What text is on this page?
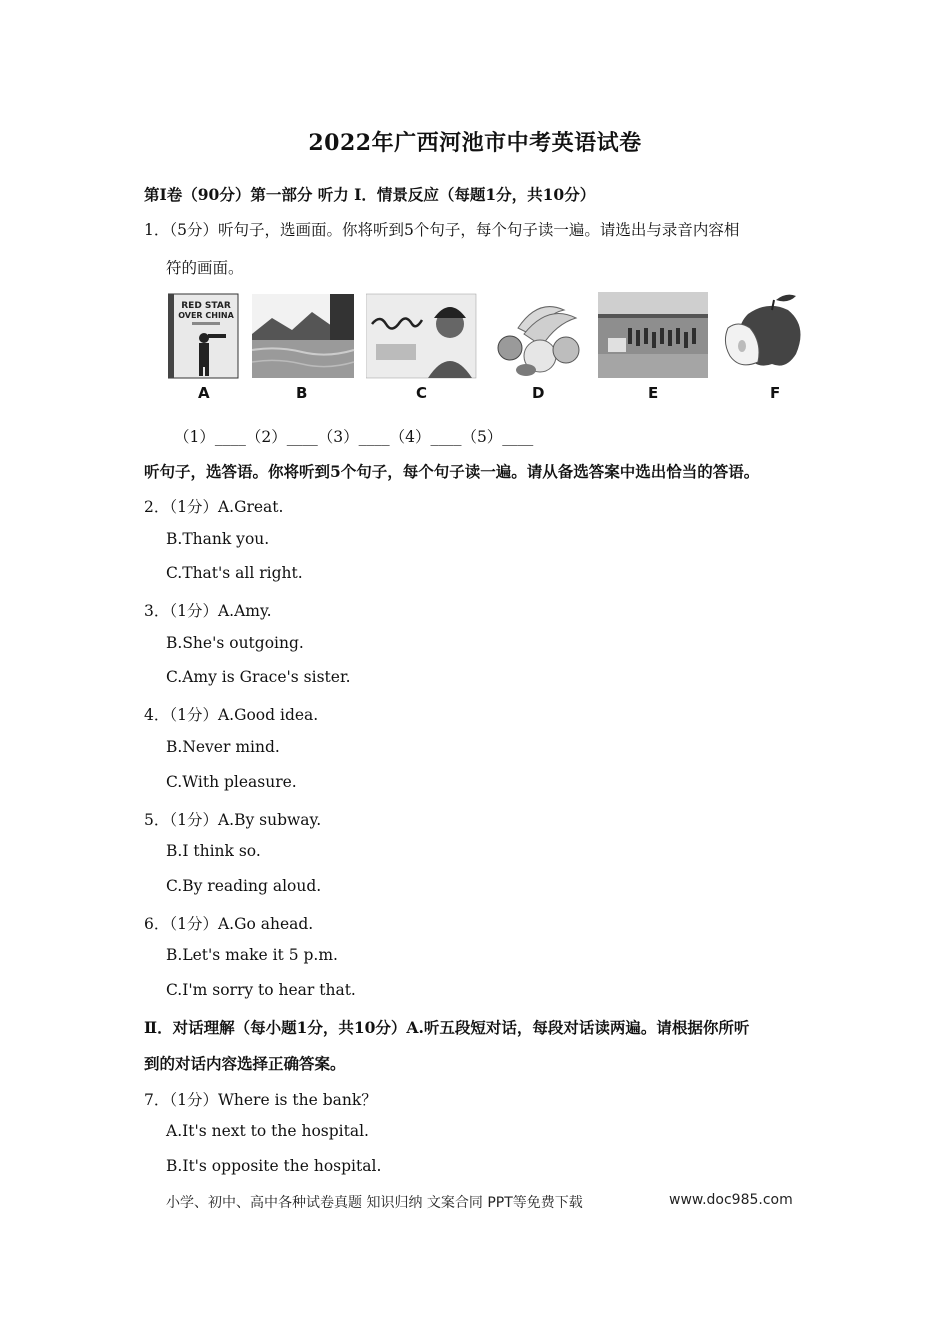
2022年广西河池市中考英语试卷
第Ⅰ卷（90分）第一部分 听力 Ⅰ．情景反应（每题1分，共10分）
1．（5分）听句子，选画面。你将听到5个句子，每个句子读一遍。请选出与录音内容相
符的画面。
RED STAR
OVER CHINA
A	B	C	D	E	F
（1）____（2）____（3）____（4）____（5）____
听句子，选答语。你将听到5个句子，每个句子读一遍。请从备选答案中选出恰当的答语。
2．（1分）A.Great.
B.Thank you.
C.That's all right.
3．（1分）A.Amy.
B.She's outgoing.
C.Amy is Grace's sister.
4．（1分）A.Good idea.
B.Never mind.
C.With pleasure.
5．（1分）A.By subway.
B.I think so.
C.By reading aloud.
6．（1分）A.Go ahead.
B.Let's make it 5 p.m.
C.I'm sorry to hear that.
Ⅱ．对话理解（每小题1分，共10分）A.听五段短对话，每段对话读两遍。请根据你所听
到的对话内容选择正确答案。
7．（1分）Where is the bank？
A.It's next to the hospital.
B.It's opposite the hospital.
小学、初中、高中各种试卷真题 知识归纳 文案合同 PPT等免费下载	www.doc985.com
